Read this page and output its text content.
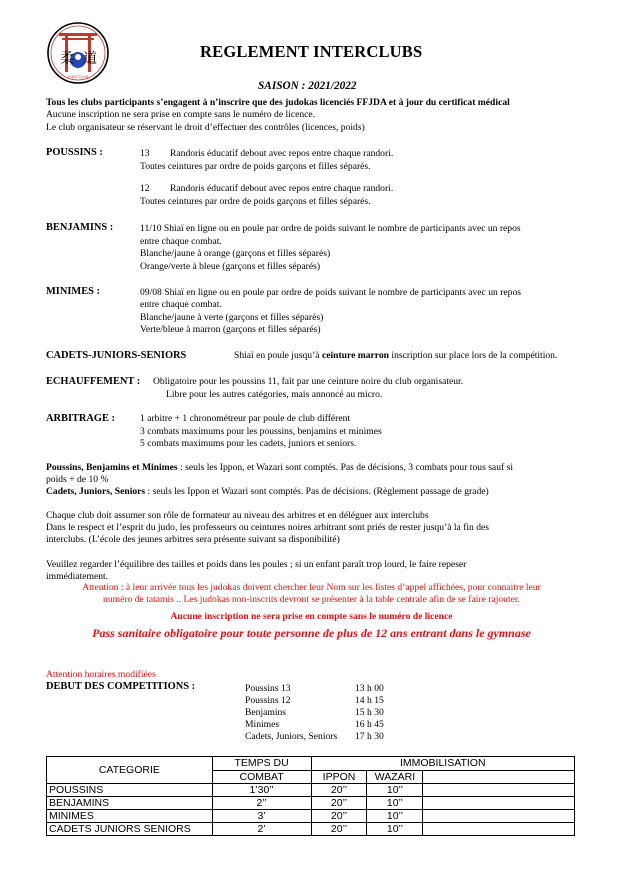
柔 道
JUDO CLUB
REGLEMENT INTERCLUBS
SAISON : 2021/2022
Tous les clubs participants s’engagent à n’inscrire que des judokas licenciés FFJDA et à jour du certificat médical
Aucune inscription ne sera prise en compte sans le numéro de licence.
Le club organisateur se réservant le droit d’effectuer des contrôles (licences, poids)
POUSSINS :	13 Randoris éducatif debout avec repos entre chaque randori.
Toutes ceintures par ordre de poids garçons et filles séparés.
12 Randoris éducatif debout avec repos entre chaque randori.
Toutes ceintures par ordre de poids garçons et filles séparés.
BENJAMINS :	11/10 Shiaï en ligne ou en poule par ordre de poids suivant le nombre de participants avec un repos
entre chaque combat.
Blanche/jaune à orange (garçons et filles séparés)
Orange/verte à bleue (garçons et filles séparés)
MINIMES :	09/08 Shiaï en ligne ou en poule par ordre de poids suivant le nombre de participants avec un repos
entre chaque combat.
Blanche/jaune à verte (garçons et filles séparés)
Verte/bleue à marron (garçons et filles séparés)
CADETS-JUNIORS-SENIORS	Shiaï en poule jusqu’à ceinture marron inscription sur place lors de la compétition.
ECHAUFFEMENT : Obligatoire pour les poussins 11, fait par une ceinture noire du club organisateur.
Libre pour les autres catégories, mais annoncé au micro.
ARBITRAGE :	1 arbitre + 1 chronométreur par poule de club différent
3 combats maximums pour les poussins, benjamins et minimes
5 combats maximums pour les cadets, juniors et seniors.
Poussins, Benjamins et Minimes : seuls les Ippon, et Wazari sont comptés. Pas de décisions, 3 combats pour tous sauf si
poids + de 10 %
Cadets, Juniors, Seniors : seuls les Ippon et Wazari sont comptés. Pas de décisions. (Règlement passage de grade)
Chaque club doit assumer son rôle de formateur au niveau des arbitres et en déléguer aux interclubs
Dans le respect et l’esprit du judo, les professeurs ou ceintures noires arbitrant sont priés de rester jusqu’à la fin des
interclubs. (L’école des jeunes arbitres sera présente suivant sa disponibilité)
Veuillez regarder l’équilibre des tailles et poids dans les poules ; si un enfant paraît trop lourd, le faire repeser
immédiatement.
Attention : à leur arrivée tous les judokas doivent chercher leur Nom sur les listes d’appel affichées, pour connaitre leur
numéro de tatamis .. Les judokas non-inscrits devront se présenter à la table centrale afin de se faire rajouter.
Aucune inscription ne sera prise en compte sans le numéro de licence
Pass sanitaire obligatoire pour toute personne de plus de 12 ans entrant dans le gymnase
Attention horaires modifiées
DEBUT DES COMPETITIONS :	Poussins 13	13 h 00
Poussins 12	14 h 15
Benjamins	15 h 30
Minimes	16 h 45
Cadets, Juniors, Seniors 17 h 30
CATEGORIE	TEMPS DU	IMMOBILISATION		
	COMBAT	IPPON	WAZARI	
POUSSINS	1’30’’	20’’	10’’	
BENJAMINS	2’’	20’’	10’’	
MINIMES	3’	20’’	10’’	
CADETS JUNIORS SENIORS	2’	20’’	10’’	
